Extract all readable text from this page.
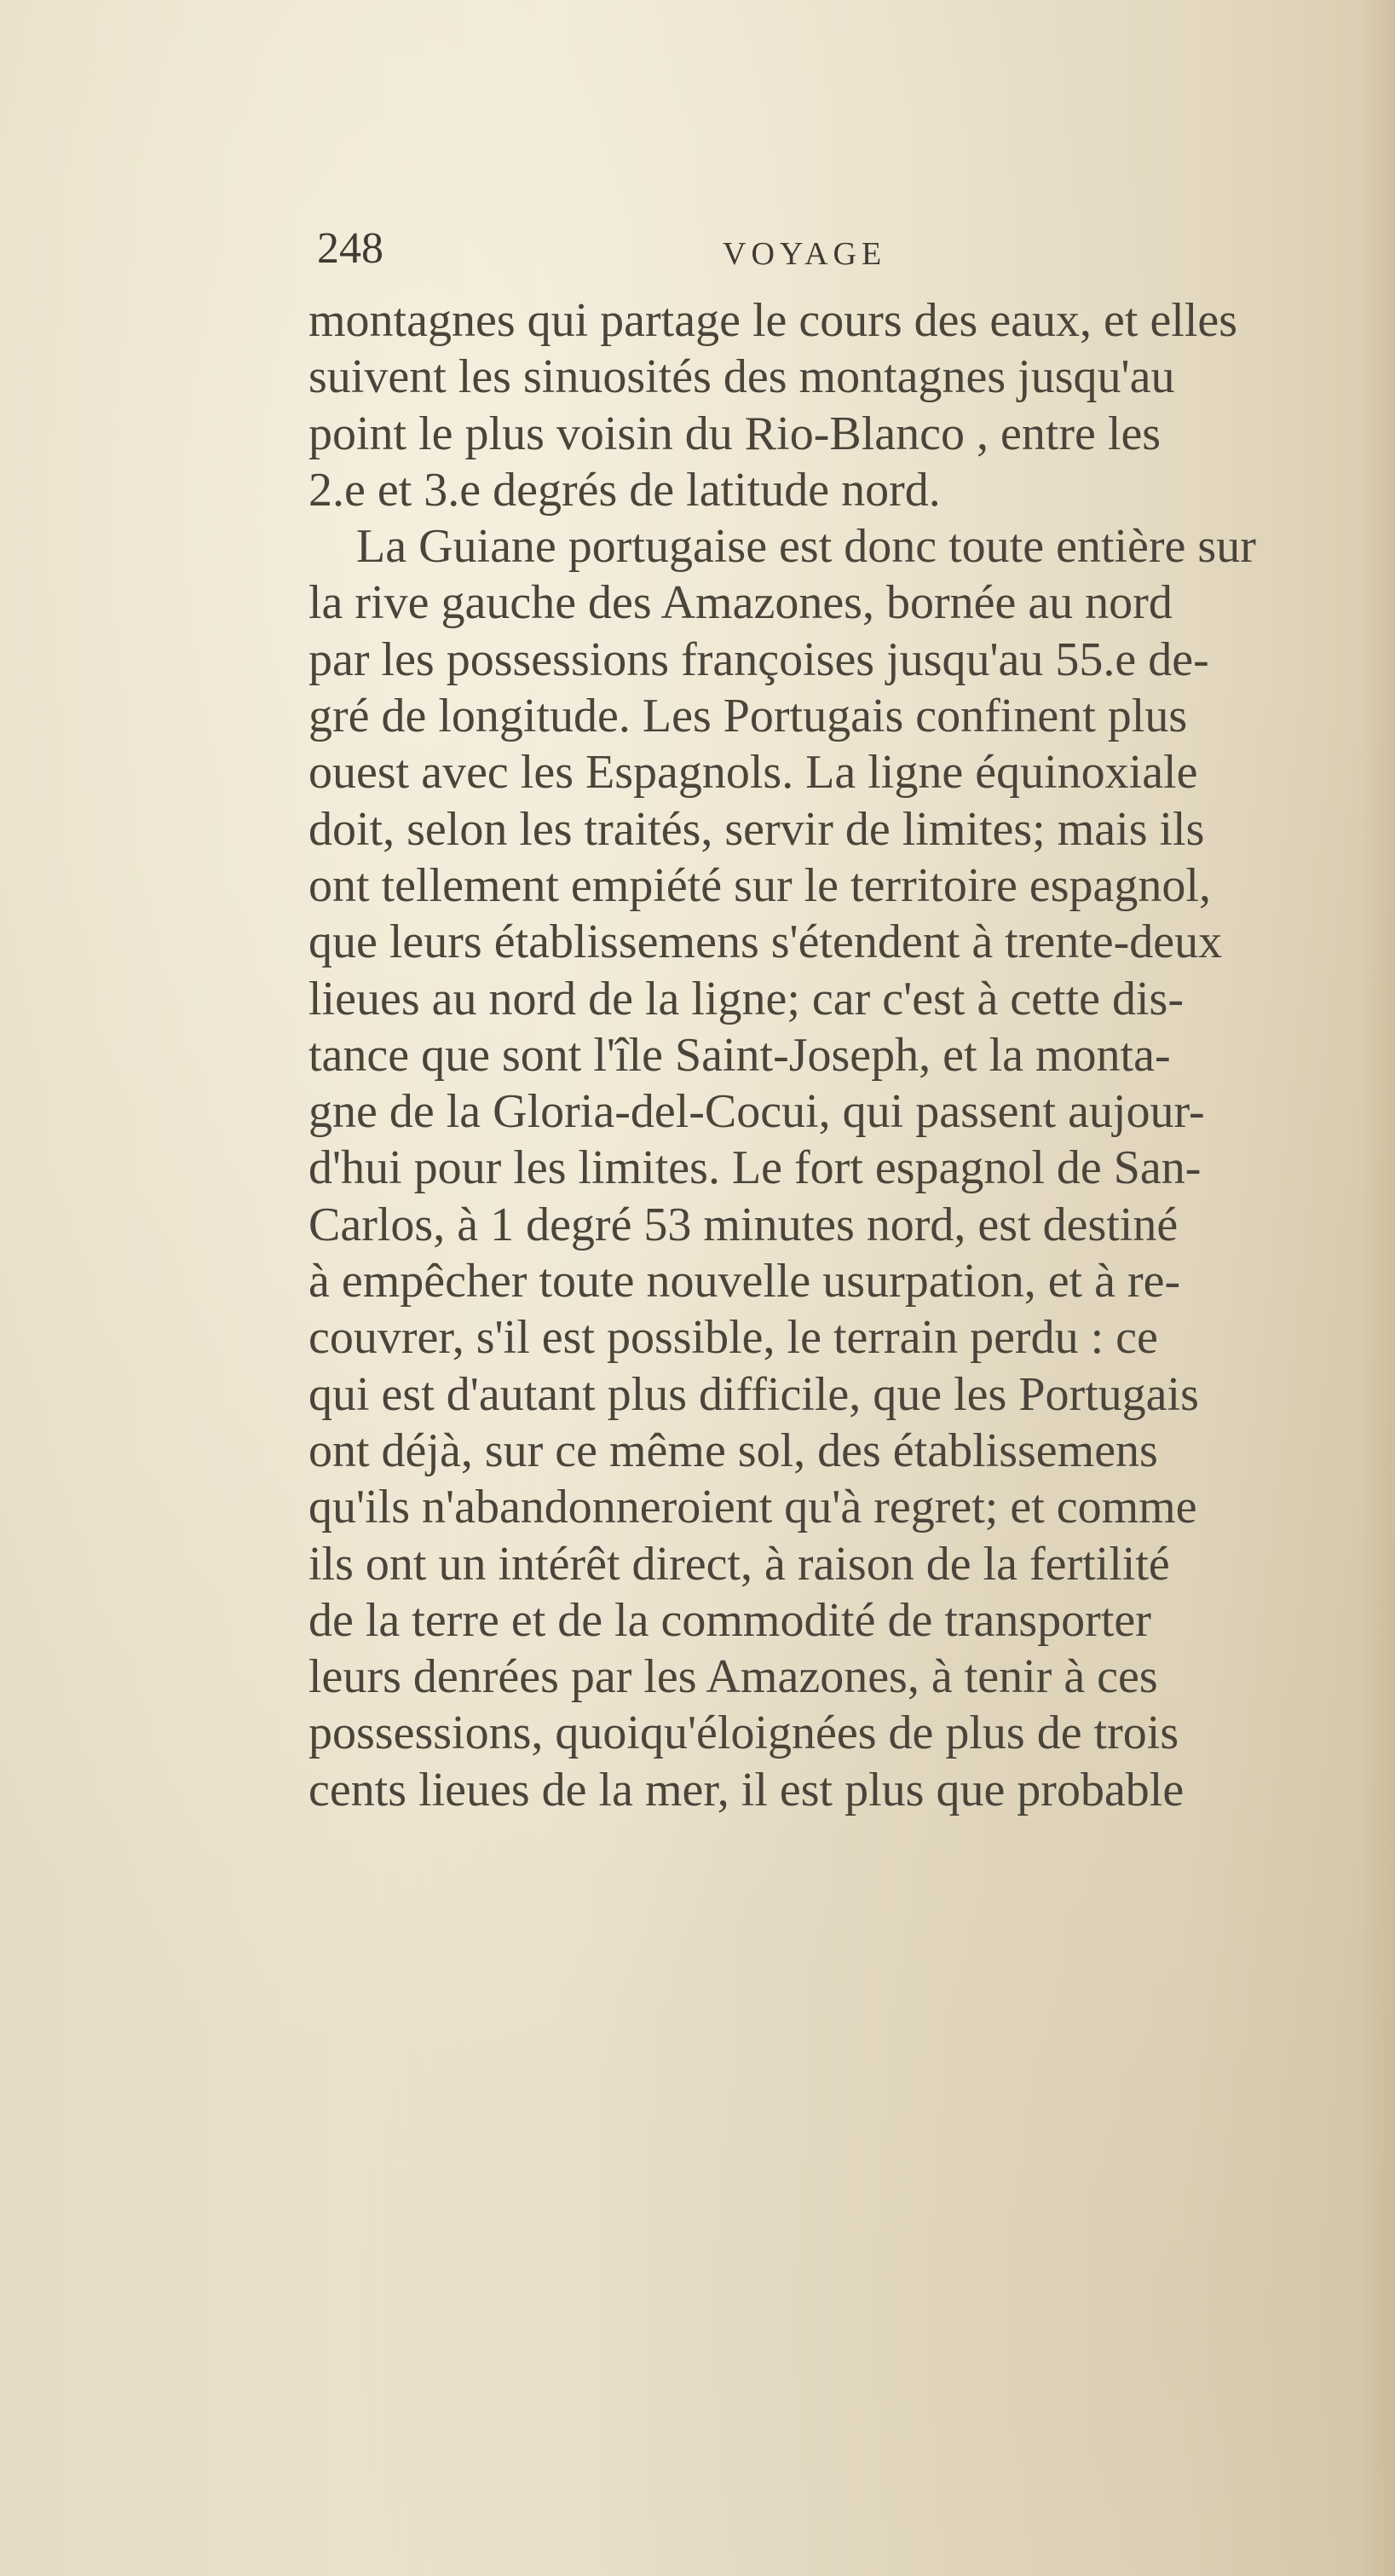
248	VOYAGE
montagnes qui partage le cours des eaux, et elles
suivent les sinuosités des montagnes jusqu'au
point le plus voisin du Rio-Blanco , entre les
2.e et 3.e degrés de latitude nord.
La Guiane portugaise est donc toute entière sur
la rive gauche des Amazones, bornée au nord
par les possessions françoises jusqu'au 55.e de-
gré de longitude. Les Portugais confinent plus
ouest avec les Espagnols. La ligne équinoxiale
doit, selon les traités, servir de limites; mais ils
ont tellement empiété sur le territoire espagnol,
que leurs établissemens s'étendent à trente-deux
lieues au nord de la ligne; car c'est à cette dis-
tance que sont l'île Saint-Joseph, et la monta-
gne de la Gloria-del-Cocui, qui passent aujour-
d'hui pour les limites. Le fort espagnol de San-
Carlos, à 1 degré 53 minutes nord, est destiné
à empêcher toute nouvelle usurpation, et à re-
couvrer, s'il est possible, le terrain perdu : ce
qui est d'autant plus difficile, que les Portugais
ont déjà, sur ce même sol, des établissemens
qu'ils n'abandonneroient qu'à regret; et comme
ils ont un intérêt direct, à raison de la fertilité
de la terre et de la commodité de transporter
leurs denrées par les Amazones, à tenir à ces
possessions, quoiqu'éloignées de plus de trois
cents lieues de la mer, il est plus que probable
